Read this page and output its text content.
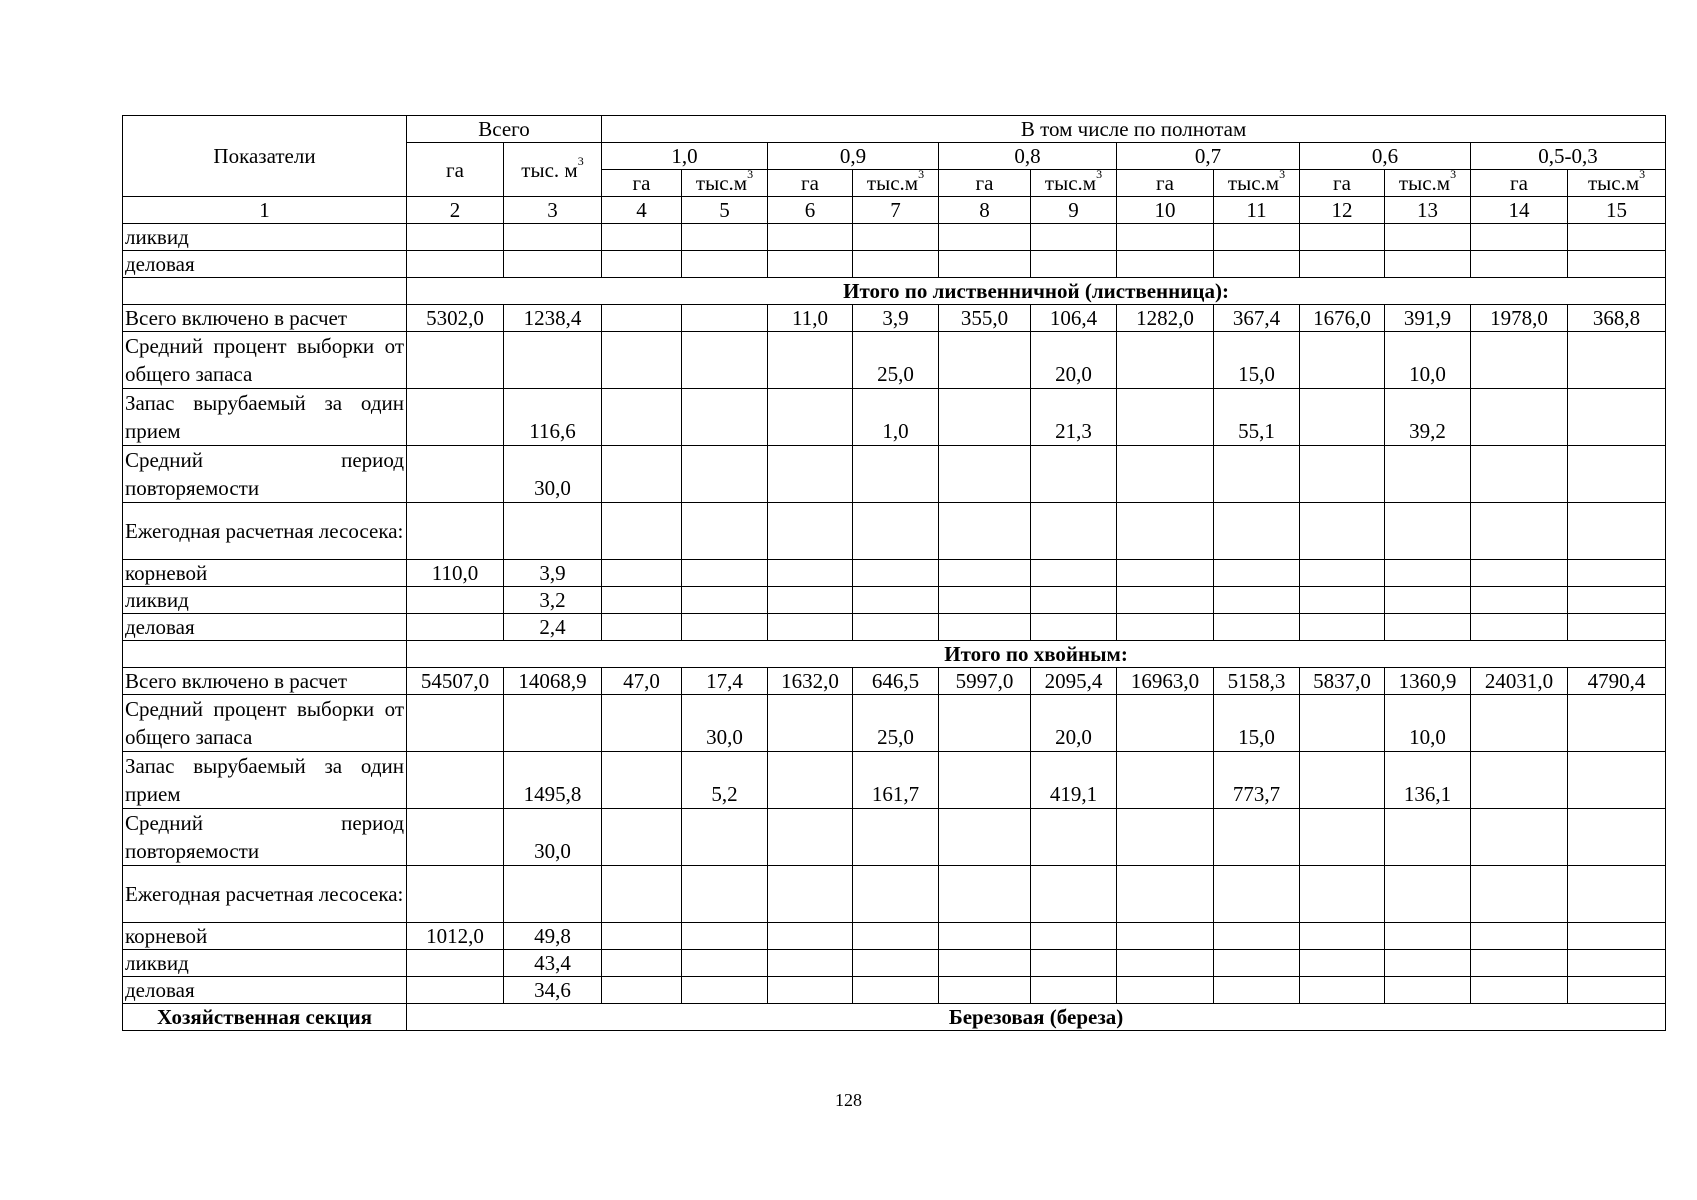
Показатели	Всего		В том числе по полнотам											
	га	тыс. $м^3$	1,0		0,9		0,8		0,7		0,6		0,5-0,3	
			га	$тыс.м^3$	га	$тыс.м^3$	га	$тыс.м^3$	га	$тыс.м^3$	га	$тыс.м^3$	га	$тыс.м^3$
1	2	3	4	5	6	7	8	9	10	11	12	13	14	15
ликвид														
деловая														
	Итого по лиственничной (лиственница):													
Всего включено в расчет	5302,0	1238,4			11,0	3,9	355,0	106,4	1282,0	367,4	1676,0	391,9	1978,0	368,8
Средний процент выборки от общего запаса						25,0		20,0		15,0		10,0		
Запас вырубаемый за один прием		116,6				1,0		21,3		55,1		39,2		
Средний период повторяемости		30,0												
Ежегодная расчетная лесосека:														
корневой	110,0	3,9												
ликвид		3,2												
деловая		2,4												
	Итого по хвойным:													
Всего включено в расчет	54507,0	14068,9	47,0	17,4	1632,0	646,5	5997,0	2095,4	16963,0	5158,3	5837,0	1360,9	24031,0	4790,4
Средний процент выборки от общего запаса				30,0		25,0		20,0		15,0		10,0		
Запас вырубаемый за один прием		1495,8		5,2		161,7		419,1		773,7		136,1		
Средний период повторяемости		30,0												
Ежегодная расчетная лесосека:														
корневой	1012,0	49,8												
ликвид		43,4												
деловая		34,6												
Хозяйственная секция	Березовая (береза)													
128
